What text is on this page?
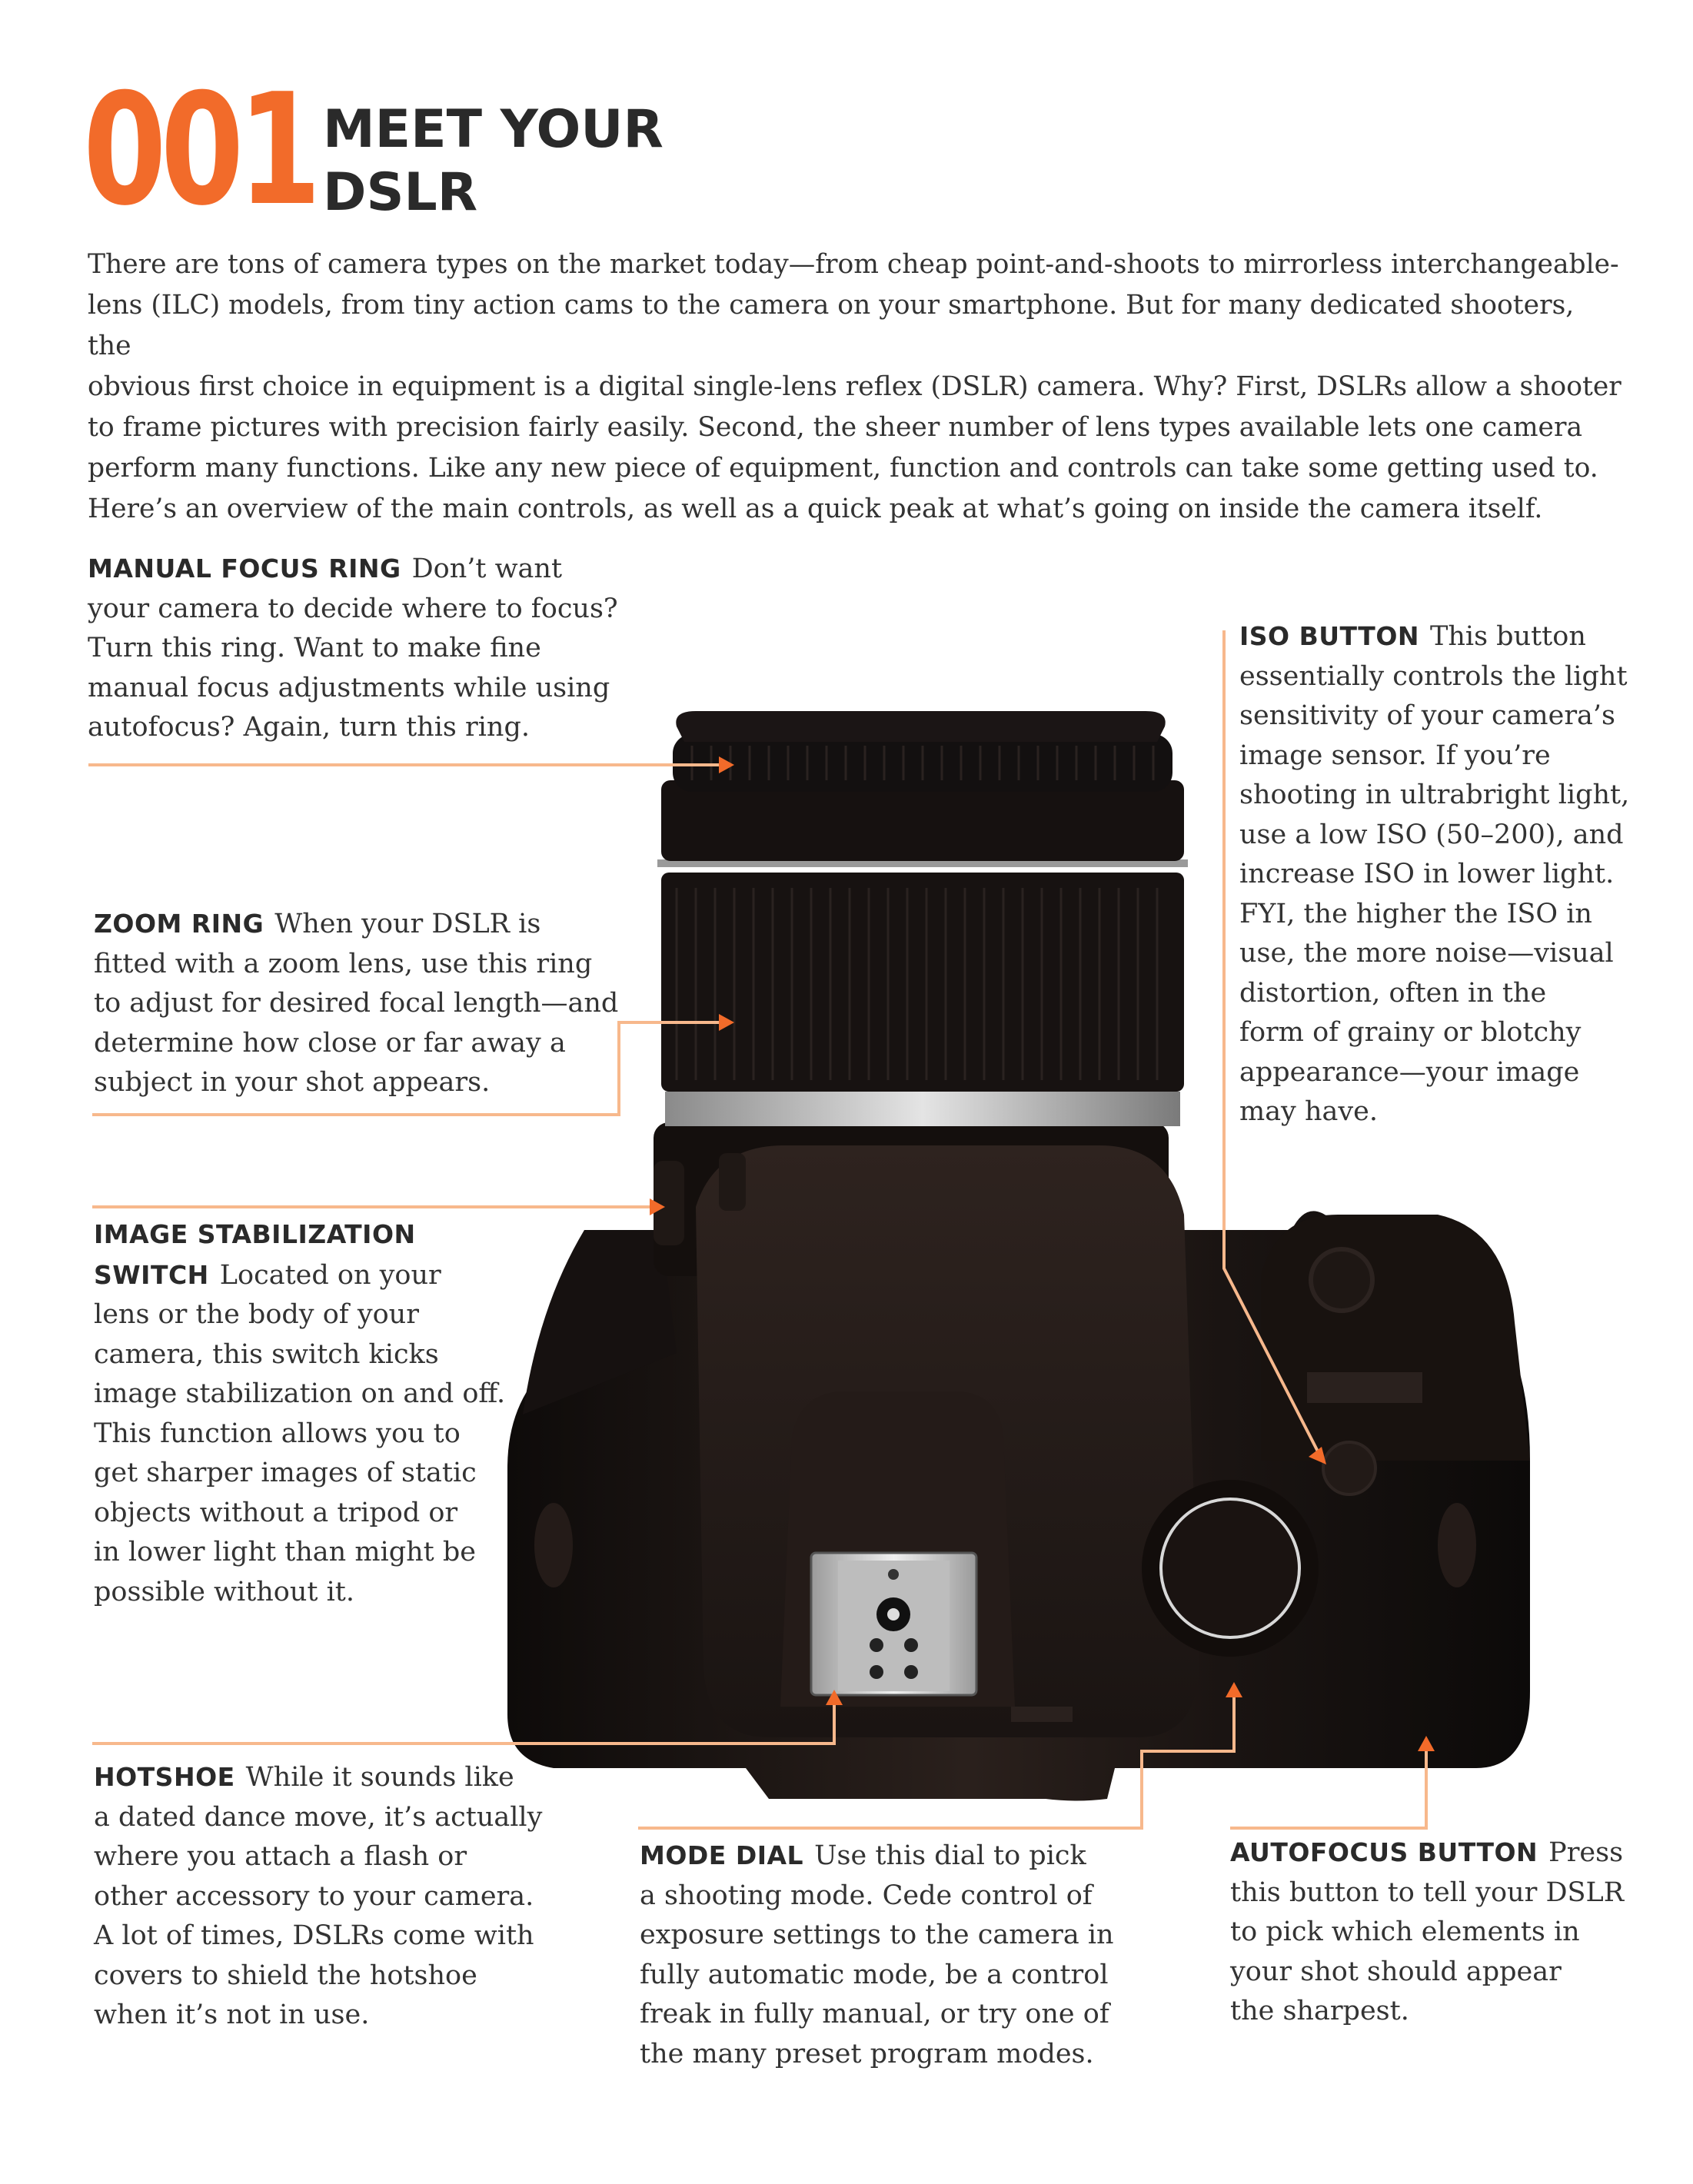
001 MEET YOUR
DSLR
There are tons of camera types on the market today—from cheap point-and-shoots to mirrorless interchangeable-
lens (ILC) models, from tiny action cams to the camera on your smartphone. But for many dedicated shooters, the
obvious first choice in equipment is a digital single-lens reflex (DSLR) camera. Why? First, DSLRs allow a shooter
to frame pictures with precision fairly easily. Second, the sheer number of lens types available lets one camera
perform many functions. Like any new piece of equipment, function and controls can take some getting used to.
Here’s an overview of the main controls, as well as a quick peak at what’s going on inside the camera itself.
MANUAL FOCUS RING Don’t want
your camera to decide where to focus?
Turn this ring. Want to make fine
manual focus adjustments while using
autofocus? Again, turn this ring.
ZOOM RING When your DSLR is
fitted with a zoom lens, use this ring
to adjust for desired focal length—and
determine how close or far away a
subject in your shot appears.
IMAGE STABILIZATION
SWITCH Located on your
lens or the body of your
camera, this switch kicks
image stabilization on and off.
This function allows you to
get sharper images of static
objects without a tripod or
in lower light than might be
possible without it.
ISO BUTTON This button
essentially controls the light
sensitivity of your camera’s
image sensor. If you’re
shooting in ultrabright light,
use a low ISO (50–200), and
increase ISO in lower light.
FYI, the higher the ISO in
use, the more noise—visual
distortion, often in the
form of grainy or blotchy
appearance—your image
may have.
HOTSHOE While it sounds like
a dated dance move, it’s actually
where you attach a flash or
other accessory to your camera.
A lot of times, DSLRs come with
covers to shield the hotshoe
when it’s not in use.
MODE DIAL Use this dial to pick
a shooting mode. Cede control of
exposure settings to the camera in
fully automatic mode, be a control
freak in fully manual, or try one of
the many preset program modes.
AUTOFOCUS BUTTON Press
this button to tell your DSLR
to pick which elements in
your shot should appear
the sharpest.
